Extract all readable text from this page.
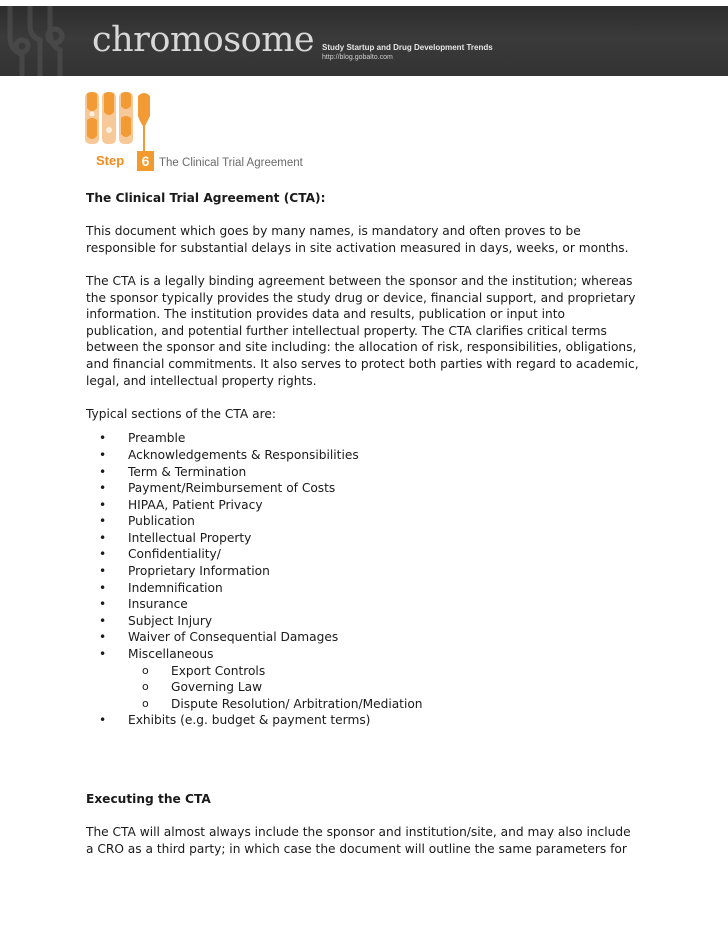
chromosome Study Startup and Drug Development Trends
http://blog.gobalto.com
Step	6 The Clinical Trial Agreement

The Clinical Trial Agreement (CTA):

This document which goes by many names, is mandatory and often proves to be

responsible for substantial delays in site activation measured in days, weeks, or months.

The CTA is a legally binding agreement between the sponsor and the institution; whereas

the sponsor typically provides the study drug or device, financial support, and proprietary

information. The institution provides data and results, publication or input into

publication, and potential further intellectual property. The CTA clarifies critical terms

between the sponsor and site including: the allocation of risk, responsibilities, obligations,

and financial commitments. It also serves to protect both parties with regard to academic,

legal, and intellectual property rights.

Typical sections of the CTA are:

• Preamble
• Acknowledgements & Responsibilities
• Term & Termination
• Payment/Reimbursement of Costs
• HIPAA, Patient Privacy
• Publication
• Intellectual Property
• Confidentiality/
• Proprietary Information
• Indemnification
• Insurance
• Subject Injury
• Waiver of Consequential Damages
• Miscellaneous
o Export Controls
o Governing Law
o Dispute Resolution/ Arbitration/Mediation
• Exhibits (e.g. budget & payment terms)

Executing the CTA

The CTA will almost always include the sponsor and institution/site, and may also include

a CRO as a third party; in which case the document will outline the same parameters for
